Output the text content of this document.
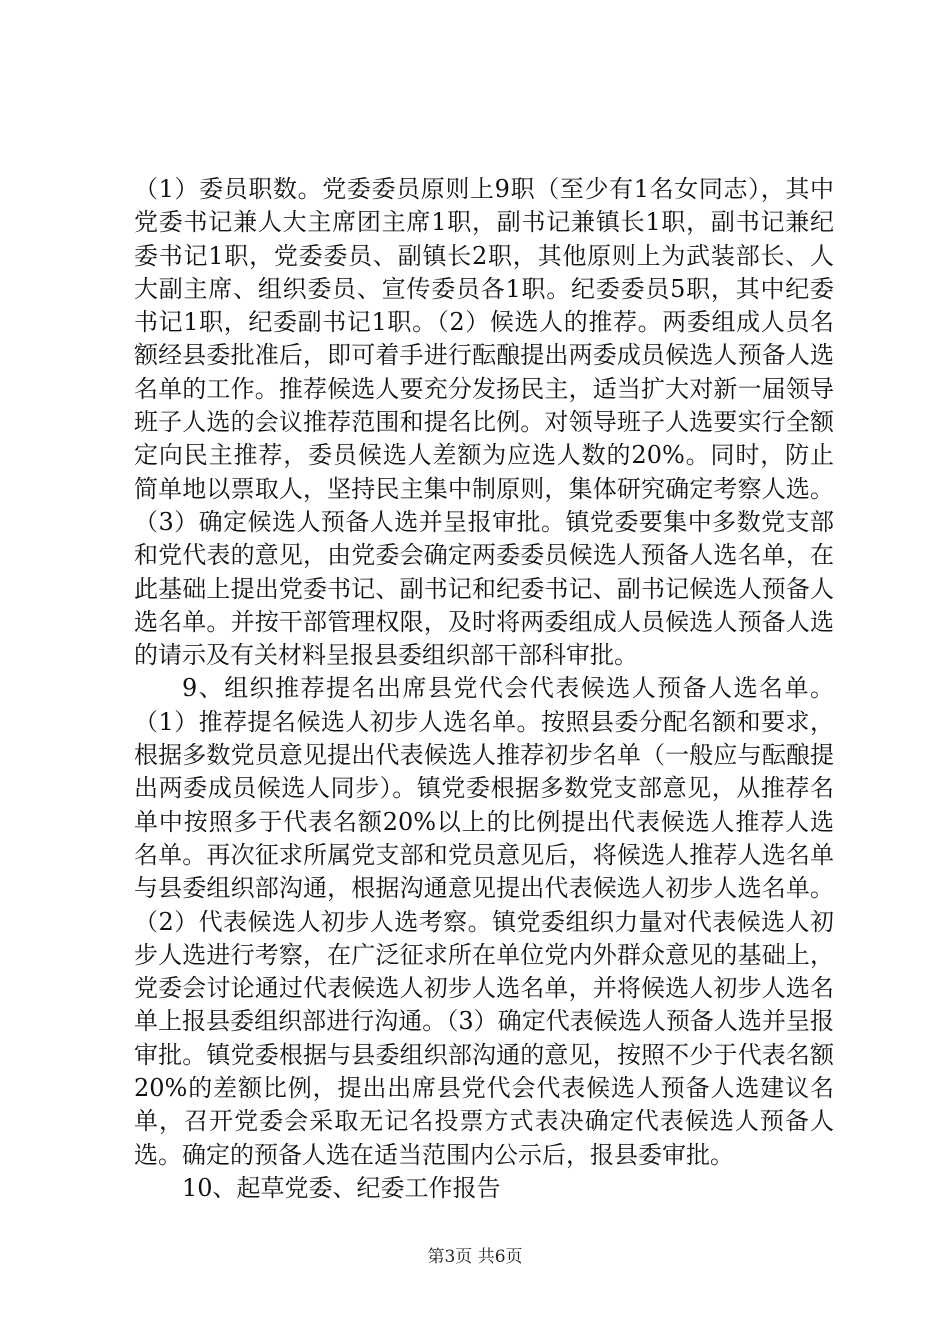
（1）委员职数。党委委员原则上9职（至少有1名女同志），其中党委书记兼人大主席团主席1职，副书记兼镇长1职，副书记兼纪委书记1职，党委委员、副镇长2职，其他原则上为武装部长、人大副主席、组织委员、宣传委员各1职。纪委委员5职，其中纪委书记1职，纪委副书记1职。（2）候选人的推荐。两委组成人员名额经县委批准后，即可着手进行酝酿提出两委成员候选人预备人选名单的工作。推荐候选人要充分发扬民主，适当扩大对新一届领导班子人选的会议推荐范围和提名比例。对领导班子人选要实行全额定向民主推荐，委员候选人差额为应选人数的20%。同时，防止简单地以票取人，坚持民主集中制原则，集体研究确定考察人选。（3）确定候选人预备人选并呈报审批。镇党委要集中多数党支部和党代表的意见，由党委会确定两委委员候选人预备人选名单，在此基础上提出党委书记、副书记和纪委书记、副书记候选人预备人选名单。并按干部管理权限，及时将两委组成人员候选人预备人选的请示及有关材料呈报县委组织部干部科审批。

9、组织推荐提名出席县党代会代表候选人预备人选名单。（1）推荐提名候选人初步人选名单。按照县委分配名额和要求，根据多数党员意见提出代表候选人推荐初步名单（一般应与酝酿提出两委成员候选人同步）。镇党委根据多数党支部意见，从推荐名单中按照多于代表名额20%以上的比例提出代表候选人推荐人选名单。再次征求所属党支部和党员意见后，将候选人推荐人选名单与县委组织部沟通，根据沟通意见提出代表候选人初步人选名单。（2）代表候选人初步人选考察。镇党委组织力量对代表候选人初步人选进行考察，在广泛征求所在单位党内外群众意见的基础上，党委会讨论通过代表候选人初步人选名单，并将候选人初步人选名单上报县委组织部进行沟通。（3）确定代表候选人预备人选并呈报审批。镇党委根据与县委组织部沟通的意见，按照不少于代表名额20%的差额比例，提出出席县党代会代表候选人预备人选建议名单，召开党委会采取无记名投票方式表决确定代表候选人预备人选。确定的预备人选在适当范围内公示后，报县委审批。

10、起草党委、纪委工作报告

第3页 共6页
